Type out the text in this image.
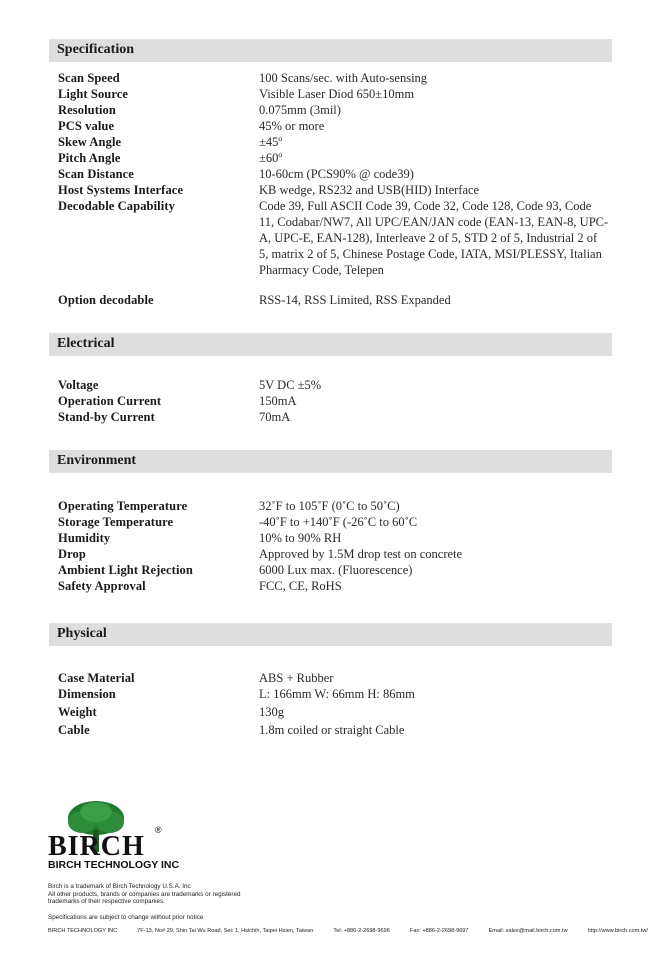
Specification
Scan Speed	100 Scans/sec. with Auto-sensing
Light Source	Visible Laser Diod 650±10mm
Resolution	0.075mm (3mil)
PCS value	45% or more
Skew Angle	±45º
Pitch Angle	±60º
Scan Distance	10-60cm (PCS90% @ code39)
Host Systems Interface	KB wedge, RS232 and USB(HID) Interface
Decodable Capability	Code 39, Full ASCII Code 39, Code 32, Code 128, Code 93, Code 11, Codabar/NW7, All UPC/EAN/JAN code (EAN-13, EAN-8, UPC-A, UPC-E, EAN-128), Interleave 2 of 5, STD 2 of 5, Industrial 2 of 5, matrix 2 of 5, Chinese Postage Code, IATA, MSI/PLESSY, Italian Pharmacy Code, Telepen
Option decodable	RSS-14, RSS Limited, RSS Expanded
Electrical
Voltage	5V DC ±5%
Operation Current	150mA
Stand-by Current	70mA
Environment
Operating Temperature	32˚F to 105˚F (0˚C to 50˚C)
Storage Temperature	-40˚F to +140˚F (-26˚C to 60˚C
Humidity	10% to 90% RH
Drop	Approved by 1.5M drop test on concrete
Ambient Light Rejection	6000 Lux max. (Fluorescence)
Safety Approval	FCC, CE, RoHS
Physical
Case Material	ABS + Rubber
Dimension	L: 166mm W: 66mm H: 86mm
Weight	130g
Cable	1.8m coiled or straight Cable
BIRCH
®
BIRCH TECHNOLOGY INC
Birch is a trademark of Birch Technology U.S.A. Inc
All other products, brands or companies are trademarks or registered
trademarks of their respective companies.
Specifications are subject to change without prior notice
BIRCH TECHNOLOGY INC	7F-13, No# 29, Shin Tai Wu Road, Sec 1, Hsichih, Taipei Hsien, Taiwan	Tel: +886-2-2698-9696	Fax: +886-2-2698-9697	Email: sales@mail.birch.com.tw	http://www.birch.com.tw/
